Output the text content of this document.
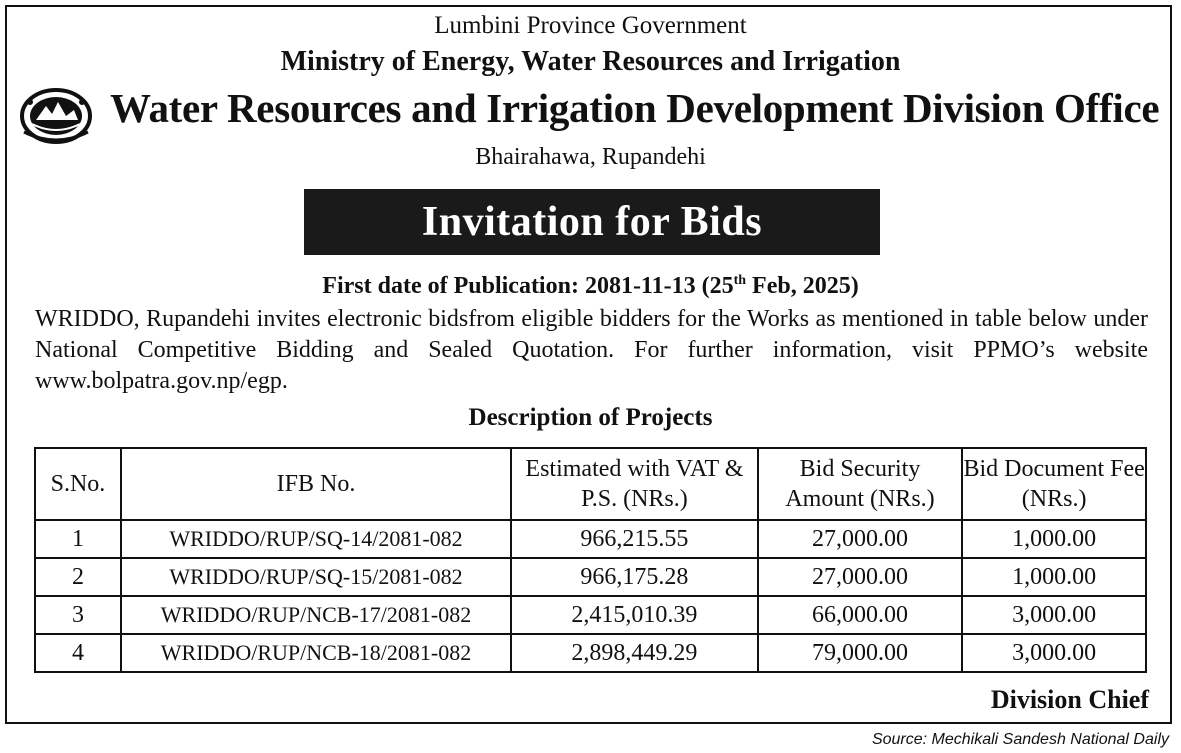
Lumbini Province Government
Ministry of Energy, Water Resources and Irrigation
Water Resources and Irrigation Development Division Office
Bhairahawa, Rupandehi
Invitation for Bids
First date of Publication: 2081-11-13 (25th Feb, 2025)
WRIDDO, Rupandehi invites electronic bidsfrom eligible bidders for the Works as mentioned in table below under National Competitive Bidding and Sealed Quotation. For further information, visit PPMO’s website www.bolpatra.gov.np/egp.
Description of Projects
S.No.	IFB No.	Estimated with VAT & P.S. (NRs.)	Bid Security Amount (NRs.)	Bid Document Fee (NRs.)
1	WRIDDO/RUP/SQ-14/2081-082	966,215.55	27,000.00	1,000.00
2	WRIDDO/RUP/SQ-15/2081-082	966,175.28	27,000.00	1,000.00
3	WRIDDO/RUP/NCB-17/2081-082	2,415,010.39	66,000.00	3,000.00
4	WRIDDO/RUP/NCB-18/2081-082	2,898,449.29	79,000.00	3,000.00
Division Chief
Source: Mechikali Sandesh National Daily
